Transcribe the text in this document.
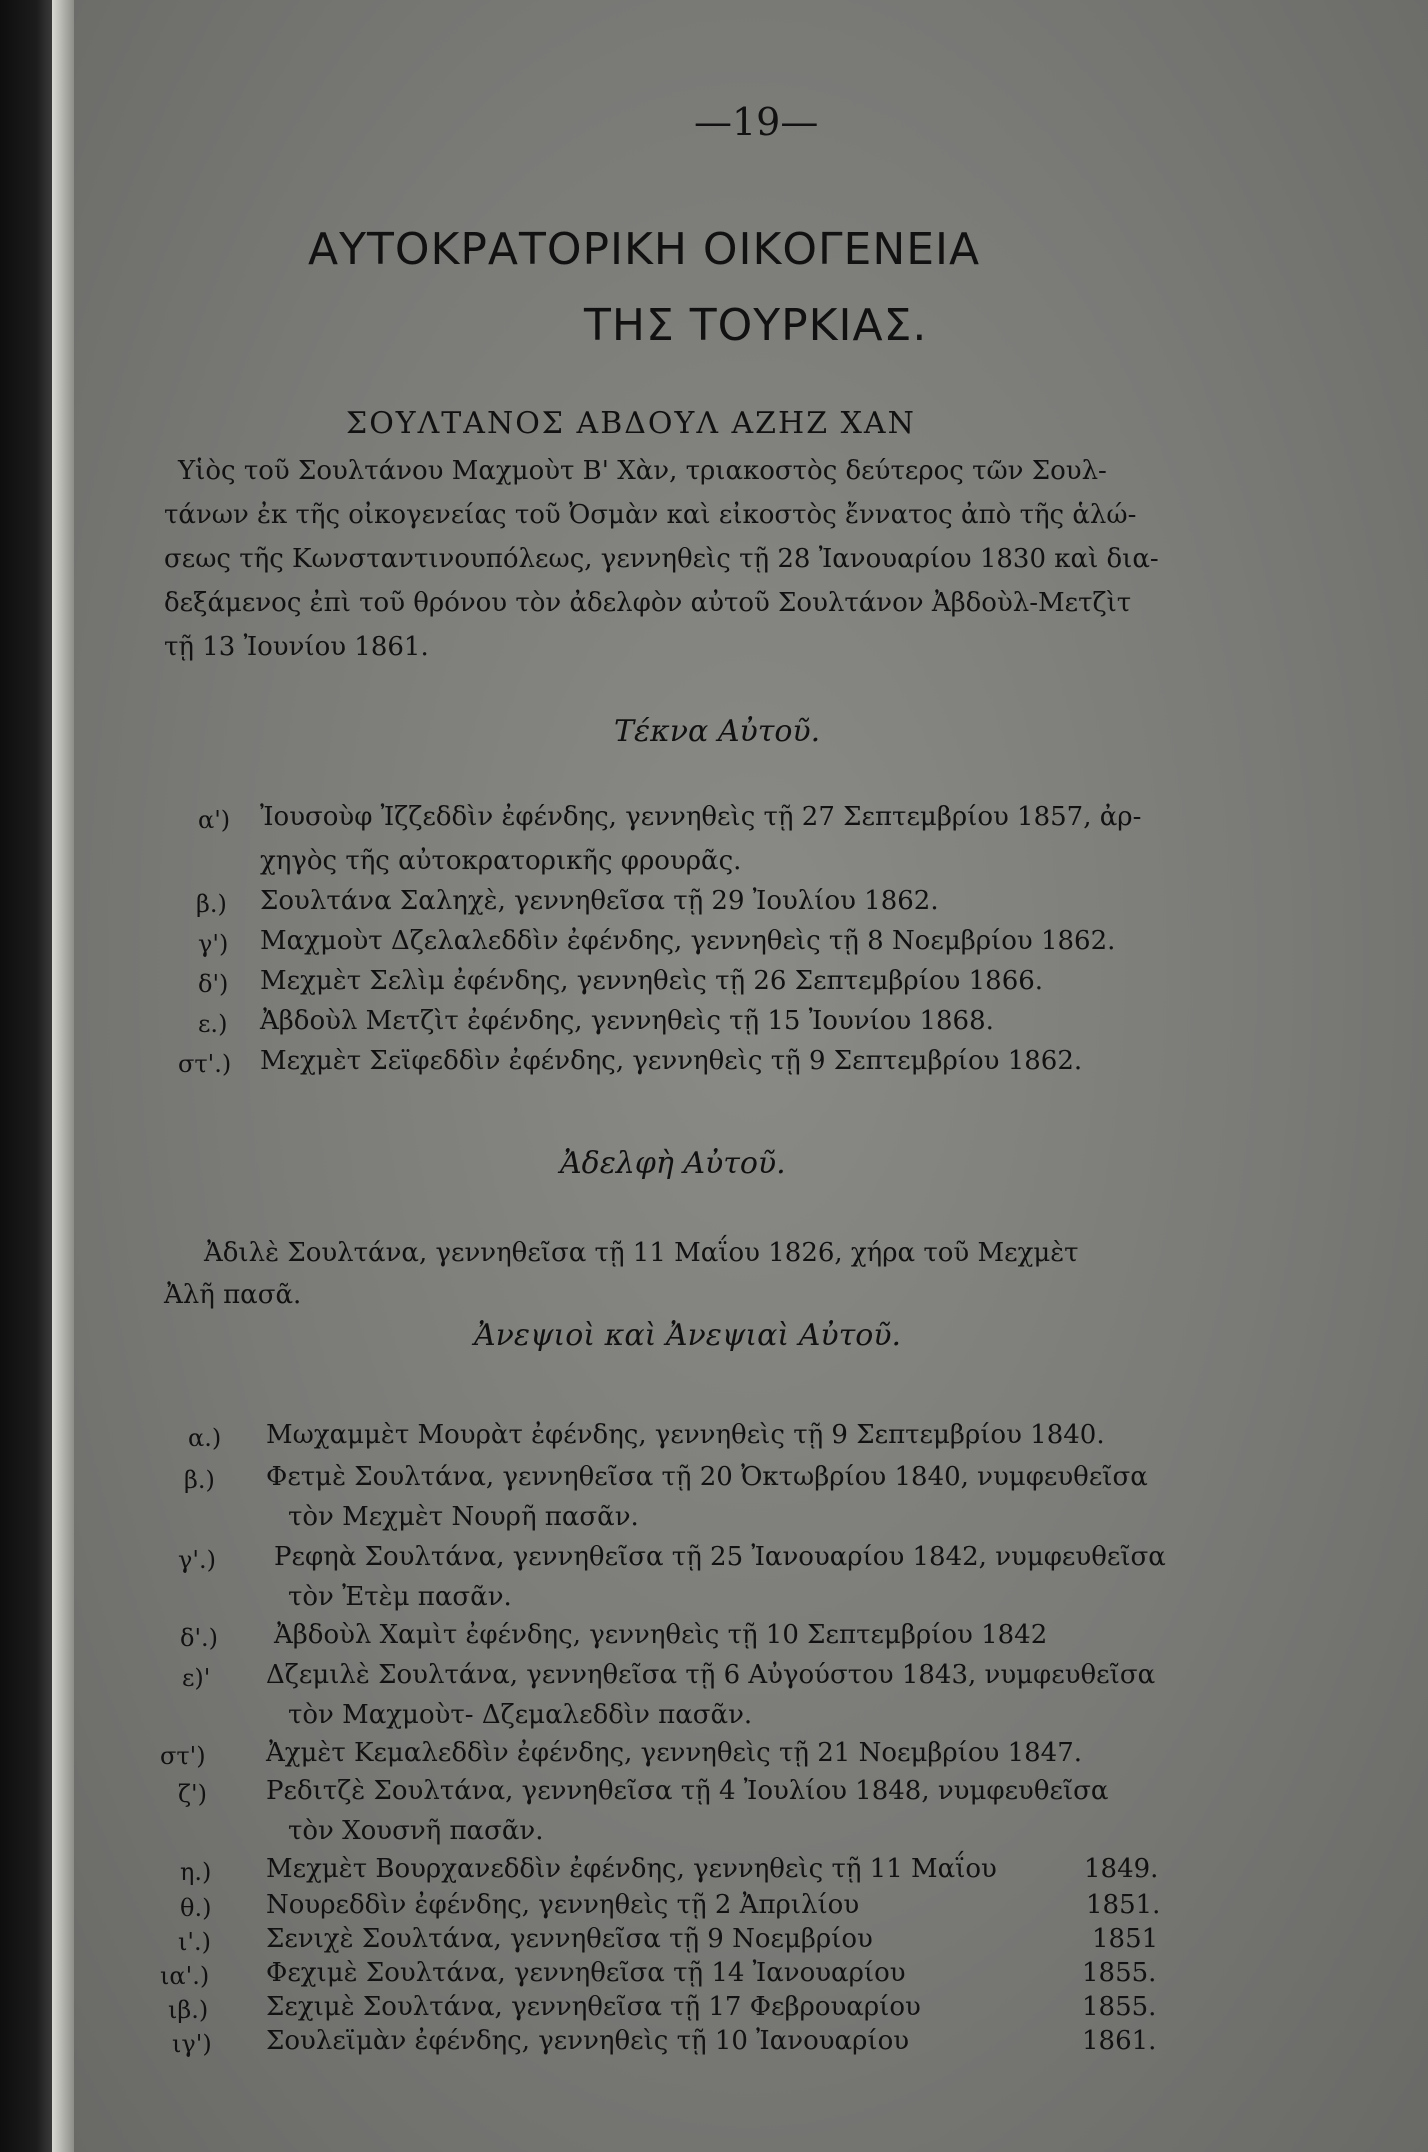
—19—
ΑΥΤΟΚΡΑΤΟΡΙΚΗ ΟΙΚΟΓΕΝΕΙΑ
ΤΗΣ ΤΟΥΡΚΙΑΣ.
ΣΟΥΛΤΑΝΟΣ ΑΒΔΟΥΛ ΑΖΗΖ ΧΑΝ
Υἱὸς τοῦ Σουλτάνου Μαχμοὺτ Β' Χὰν, τριακοστὸς δεύτερος τῶν Σουλ-
τάνων ἐκ τῆς οἰκογενείας τοῦ Ὀσμὰν καὶ εἰκοστὸς ἔννατος ἀπὸ τῆς ἁλώ-
σεως τῆς Κωνσταντινουπόλεως, γεννηθεὶς τῇ 28 Ἰανουαρίου 1830 καὶ δια-
δεξάμενος ἐπὶ τοῦ θρόνου τὸν ἀδελφὸν αὐτοῦ Σουλτάνον Ἀβδοὺλ-Μετζὶτ
τῇ 13 Ἰουνίου 1861.
Τέκνα Αὐτοῦ.
α') Ἰουσοὺφ Ἰζζεδδὶν ἐφένδης, γεννηθεὶς τῇ 27 Σεπτεμβρίου 1857, ἀρ-
χηγὸς τῆς αὐτοκρατορικῆς φρουρᾶς.
β.) Σουλτάνα Σαληχὲ, γεννηθεῖσα τῇ 29 Ἰουλίου 1862.
γ') Μαχμοὺτ Δζελαλεδδὶν ἐφένδης, γεννηθεὶς τῇ 8 Νοεμβρίου 1862.
δ') Μεχμὲτ Σελὶμ ἐφένδης, γεννηθεὶς τῇ 26 Σεπτεμβρίου 1866.
ε.) Ἀβδοὺλ Μετζὶτ ἐφένδης, γεννηθεὶς τῇ 15 Ἰουνίου 1868.
στ'.) Μεχμὲτ Σεϊφεδδὶν ἐφένδης, γεννηθεὶς τῇ 9 Σεπτεμβρίου 1862.
Ἀδελφὴ Αὐτοῦ.
Ἀδιλὲ Σουλτάνα, γεννηθεῖσα τῇ 11 Μαΐου 1826, χήρα τοῦ Μεχμὲτ
Ἀλῆ πασᾶ.
Ἀνεψιοὶ καὶ Ἀνεψιαὶ Αὐτοῦ.
α.) Μωχαμμὲτ Μουρὰτ ἐφένδης, γεννηθεὶς τῇ 9 Σεπτεμβρίου 1840.
β.) Φετμὲ Σουλτάνα, γεννηθεῖσα τῇ 20 Ὀκτωβρίου 1840, νυμφευθεῖσα
τὸν Μεχμὲτ Νουρῆ πασᾶν.
γ'.) Ρεφηὰ Σουλτάνα, γεννηθεῖσα τῇ 25 Ἰανουαρίου 1842, νυμφευθεῖσα
τὸν Ἐτὲμ πασᾶν.
δ'.) Ἀβδοὺλ Χαμὶτ ἐφένδης, γεννηθεὶς τῇ 10 Σεπτεμβρίου 1842
ε)' Δζεμιλὲ Σουλτάνα, γεννηθεῖσα τῇ 6 Αὐγούστου 1843, νυμφευθεῖσα
τὸν Μαχμοὺτ- Δζεμαλεδδὶν πασᾶν.
στ') Ἀχμὲτ Κεμαλεδδὶν ἐφένδης, γεννηθεὶς τῇ 21 Νοεμβρίου 1847.
ζ') Ρεδιτζὲ Σουλτάνα, γεννηθεῖσα τῇ 4 Ἰουλίου 1848, νυμφευθεῖσα
τὸν Χουσνῆ πασᾶν.
η.) Μεχμὲτ Βουρχανεδδὶν ἐφένδης, γεννηθεὶς τῇ 11 Μαΐου	1849.
θ.) Νουρεδδὶν ἐφένδης, γεννηθεὶς τῇ 2 Ἀπριλίου	1851.
ι'.) Σενιχὲ Σουλτάνα, γεννηθεῖσα τῇ 9 Νοεμβρίου	1851
ια'.) Φεχιμὲ Σουλτάνα, γεννηθεῖσα τῇ 14 Ἰανουαρίου	1855.
ιβ.) Σεχιμὲ Σουλτάνα, γεννηθεῖσα τῇ 17 Φεβρουαρίου	1855.
ιγ') Σουλεϊμὰν ἐφένδης, γεννηθεὶς τῇ 10 Ἰανουαρίου	1861.
